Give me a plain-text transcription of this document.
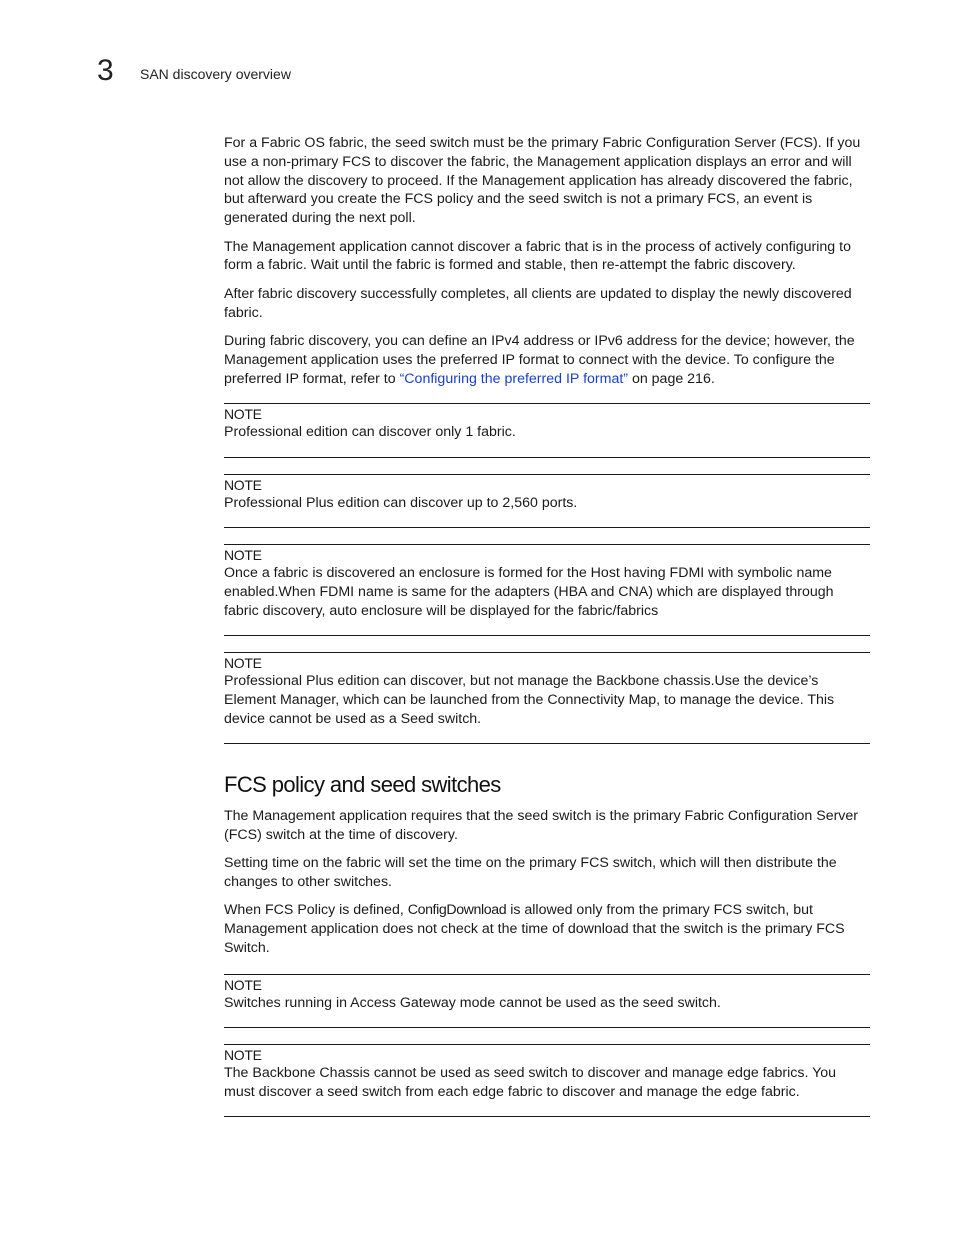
3 SAN discovery overview

For a Fabric OS fabric, the seed switch must be the primary Fabric Configuration Server (FCS). If you use a non-primary FCS to discover the fabric, the Management application displays an error and will not allow the discovery to proceed. If the Management application has already discovered the fabric, but afterward you create the FCS policy and the seed switch is not a primary FCS, an event is generated during the next poll.

The Management application cannot discover a fabric that is in the process of actively configuring to form a fabric. Wait until the fabric is formed and stable, then re-attempt the fabric discovery.

After fabric discovery successfully completes, all clients are updated to display the newly discovered fabric.

During fabric discovery, you can define an IPv4 address or IPv6 address for the device; however, the Management application uses the preferred IP format to connect with the device. To configure the preferred IP format, refer to “Configuring the preferred IP format” on page 216.

NOTE

Professional edition can discover only 1 fabric.

NOTE

Professional Plus edition can discover up to 2,560 ports.

NOTE

Once a fabric is discovered an enclosure is formed for the Host having FDMI with symbolic name enabled.When FDMI name is same for the adapters (HBA and CNA) which are displayed through fabric discovery, auto enclosure will be displayed for the fabric/fabrics

NOTE

Professional Plus edition can discover, but not manage the Backbone chassis.Use the device’s Element Manager, which can be launched from the Connectivity Map, to manage the device. This device cannot be used as a Seed switch.

FCS policy and seed switches

The Management application requires that the seed switch is the primary Fabric Configuration Server (FCS) switch at the time of discovery.

Setting time on the fabric will set the time on the primary FCS switch, which will then distribute the changes to other switches.

When FCS Policy is defined, ConfigDownload is allowed only from the primary FCS switch, but Management application does not check at the time of download that the switch is the primary FCS Switch.

NOTE

Switches running in Access Gateway mode cannot be used as the seed switch.

NOTE

The Backbone Chassis cannot be used as seed switch to discover and manage edge fabrics. You must discover a seed switch from each edge fabric to discover and manage the edge fabric.
